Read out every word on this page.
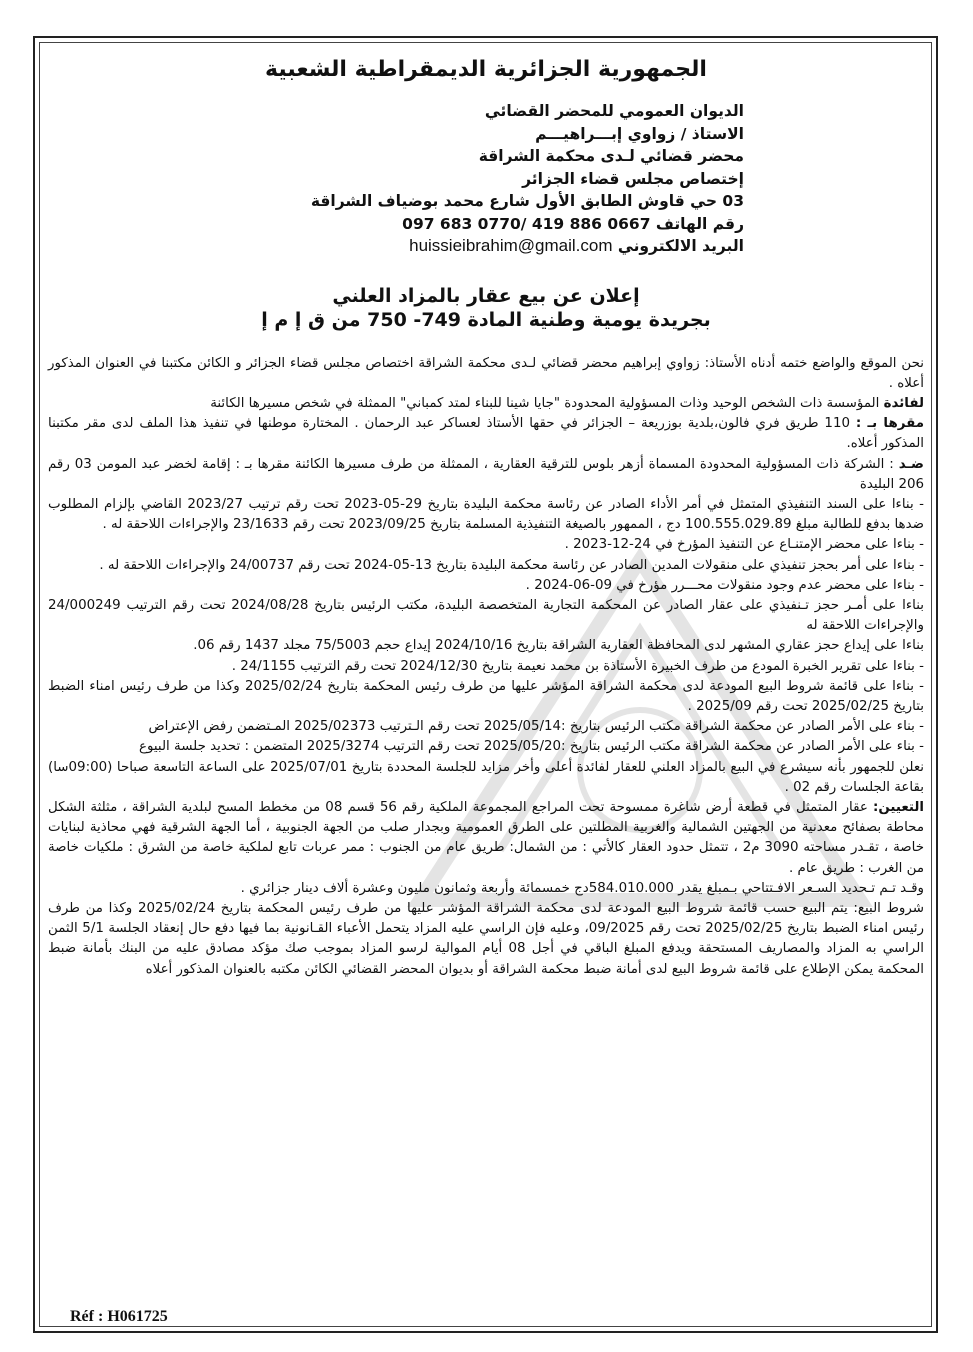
الجمهورية الجزائرية الديمقراطية الشعبية
الديوان العمومي للمحضر القضائي
الاستاذ / زواوي إبـــراهيـــم
محضر قضائي لـدى محكمة الشراقة
إختصاص مجلس قضاء الجزائر
03 حي قاوش الطابق الأول شارع محمد بوضياف الشراقة
رقم الهاتف 097 683 0770/ 419 886 0667
البريد الالكتروني huissieibrahim@gmail.com
إعلان عن بيع عقار بالمزاد العلني
بجريدة يومية وطنية المادة 749- 750 من ق إ م إ

نحن الموقع والواضع ختمه أدناه الأستاذ: زواوي إبراهيم محضر قضائي لـدى محكمة الشراقة اختصاص مجلس قضاء الجزائر و الكائن مكتبنا في العنوان المذكور أعلاه .

لفائدة المؤسسة ذات الشخص الوحيد وذات المسؤولية المحدودة "جايا شينا للبناء لمتد كمباني" الممثلة في شخص مسيرها الكائنة

مقرها بـ : 110 طريق فري فالون،بلدية بوزريعة – الجزائر في حقها الأستاذ لعساكر عبد الرحمان . المختارة موطنها في تنفيذ هذا الملف لدى مقر مكتبنا المذكور أعلاه.

ضـد : الشركة ذات المسؤولية المحدودة المسماة أزهر بلوس للترقية العقارية ، الممثلة من طرف مسيرها الكائنة مقرها بـ : إقامة لخضر عبد المومن 03 رقم 206 البليدة

- بناءا على السند التنفيذي المتمثل في أمر الأداء الصادر عن رئاسة محكمة البليدة بتاريخ 29-05-2023 تحت رقم ترتيب 2023/27 القاضي بإلزام المطلوب ضدها بدفع للطالبة مبلغ 100.555.029.89 دج ، الممهور بالصيغة التنفيذية المسلمة بتاريخ 2023/09/25 تحت رقم 23/1633 والإجراءات اللاحقة له .

- بناءا على محضر الإمتنـاع عن التنفيذ المؤرخ في 24-12-2023 .

- بناءا على أمر بحجز تنفيذي على منقولات المدين الصادر عن رئاسة محكمة البليدة بتاريخ 13-05-2024 تحت رقم 24/00737 والإجراءات اللاحقة له .

- بناءا على محضر عدم وجود منقولات محـــرر مؤرخ في 09-06-2024 .

بناءا على أمـر حجز تـنفيذي على عقار الصادر عن المحكمة التجارية المتخصصة البليدة، مكتب الرئيس بتاريخ 2024/08/28 تحت رقم الترتيب 24/000249 والإجراءات اللاحقة له

بناءا على إيداع حجز عقاري المشهر لدى المحافظة العقارية الشراقة بتاريخ 2024/10/16 إيداع حجم 75/5003 مجلد 1437 رقم 06.

- بناءا على تقرير الخبرة المودع من طرف الخبيرة الأستاذة بن محمد نعيمة بتاريخ 2024/12/30 تحت رقم الترتيب 24/1155 .

- بناءا على قائمة شروط البيع المودعة لدى محكمة الشراقة المؤشر عليها من طرف رئيس المحكمة بتاريخ 2025/02/24 وكذا من طرف رئيس امناء الضبط بتاريخ 2025/02/25 تحت رقم 2025/09 .

- بناء على الأمر الصادر عن محكمة الشراقة مكتب الرئيس بتاريخ :2025/05/14 تحت رقم الـترتيب 2025/02373 المـتضمن رفض الإعتراض

- بناء على الأمر الصادر عن محكمة الشراقة مكتب الرئيس بتاريخ :2025/05/20 تحت رقم الترتيب 2025/3274 المتضمن : تحديد جلسة البيوع

نعلن للجمهور بأنه سيشرع في البيع بالمزاد العلني للعقار لفائدة أعلى وأخر مزايد للجلسة المحددة بتاريخ 2025/07/01 على الساعة التاسعة صباحا (09:00سا) بقاعة الجلسات رقم 02 .

التعيين: عقار المتمثل في قطعة أرض شاغرة ممسوحة تحت المراجع المجموعة الملكية رقم 56 قسم 08 من مخطط المسح لبلدية الشراقة ، مثلثة الشكل محاطة بصفائح معدنية من الجهتين الشمالية والغربية المطلتين على الطرق العمومية وبجدار صلب من الجهة الجنوبية ، أما الجهة الشرقية فهي محاذية لبنايات خاصة ، تقـدر مساحته 3090 م2 ، تتمثل حدود العقار كالأتي : من الشمال: طريق عام من الجنوب : ممر عربات تابع لملكية خاصة من الشرق : ملكيات خاصة من الغرب : طريق عام .

وقـد تـم تـحديد السـعر الافـتتاحي بـمبلغ يقدر 584.010.000دج خمسمائة وأربعة وثمانون مليون وعشرة ألاف دينار جزائري .

شروط البيع: يتم البيع حسب قائمة شروط البيع المودعة لدى محكمة الشراقة المؤشر عليها من طرف رئيس المحكمة بتاريخ 2025/02/24 وكذا من طرف رئيس امناء الضبط بتاريخ 2025/02/25 تحت رقم 09/2025، وعليه فإن الراسي عليه المزاد يتحمل الأعباء القـانونية بما فيها دفع حال إنعقاد الجلسة 5/1 الثمن الراسي به المزاد والمصاريف المستحقة ويدفع المبلغ الباقي في أجل 08 أيام الموالية لرسو المزاد بموجب صك مؤكد مصادق عليه من البنك بأمانة ضبط المحكمة يمكن الإطلاع على قائمة شروط البيع لدى أمانة ضبط محكمة الشراقة أو بديوان المحضر القضائي الكائن مكتبه بالعنوان المذكور أعلاه

Réf : H061725
